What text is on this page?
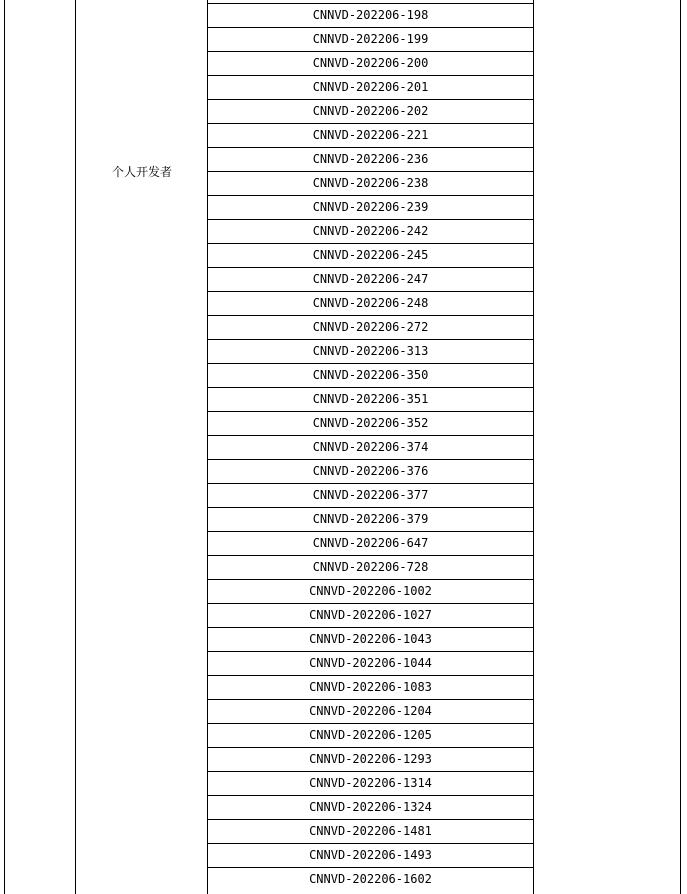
个人开发者
CNNVD-202206-198
CNNVD-202206-199
CNNVD-202206-200
CNNVD-202206-201
CNNVD-202206-202
CNNVD-202206-221
CNNVD-202206-236
CNNVD-202206-238
CNNVD-202206-239
CNNVD-202206-242
CNNVD-202206-245
CNNVD-202206-247
CNNVD-202206-248
CNNVD-202206-272
CNNVD-202206-313
CNNVD-202206-350
CNNVD-202206-351
CNNVD-202206-352
CNNVD-202206-374
CNNVD-202206-376
CNNVD-202206-377
CNNVD-202206-379
CNNVD-202206-647
CNNVD-202206-728
CNNVD-202206-1002
CNNVD-202206-1027
CNNVD-202206-1043
CNNVD-202206-1044
CNNVD-202206-1083
CNNVD-202206-1204
CNNVD-202206-1205
CNNVD-202206-1293
CNNVD-202206-1314
CNNVD-202206-1324
CNNVD-202206-1481
CNNVD-202206-1493
CNNVD-202206-1602
